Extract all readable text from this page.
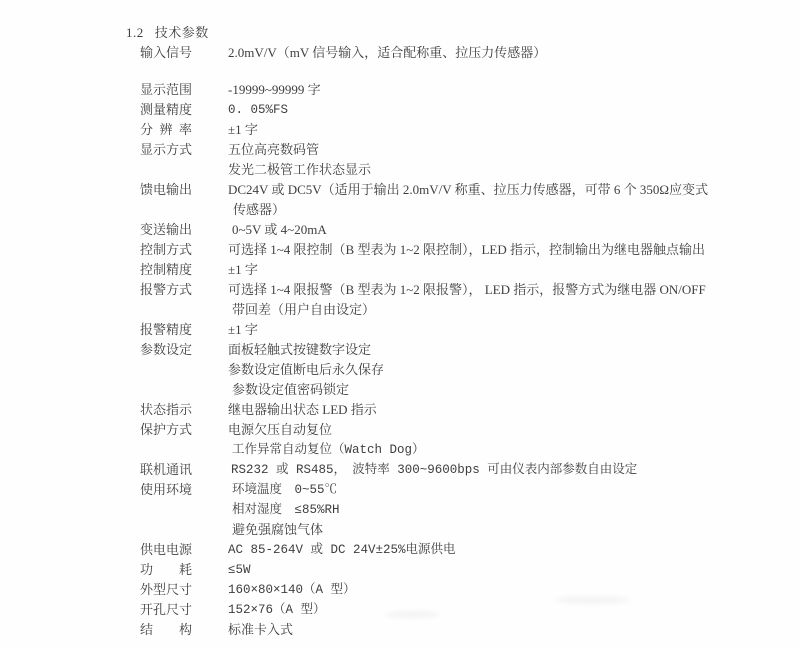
1.2 技术参数
输入信号	2.0mV/V（mV 信号输入，适合配称重、拉压力传感器）
显示范围	-19999~99999 字
测量精度	0. 05%FS
分辨率	±1 字
显示方式	五位高亮数码管
发光二极管工作状态显示
馈电输出	DC24V 或 DC5V（适用于输出 2.0mV/V 称重、拉压力传感器，可带 6 个 350Ω应变式
传感器）
变送输出	0~5V 或 4~20mA
控制方式	可选择 1~4 限控制（B 型表为 1~2 限控制），LED 指示，控制输出为继电器触点输出
控制精度	±1 字
报警方式	可选择 1~4 限报警（B 型表为 1~2 限报警）， LED 指示，报警方式为继电器 ON/OFF
带回差（用户自由设定）
报警精度	±1 字
参数设定	面板轻触式按键数字设定
参数设定值断电后永久保存
参数设定值密码锁定
状态指示	继电器输出状态 LED 指示
保护方式	电源欠压自动复位
工作异常自动复位（Watch Dog）
联机通讯	RS232 或 RS485，　波特率 300~9600bps 可由仪表内部参数自由设定
使用环境	环境温度　0~55℃
相对湿度　≤85%RH
避免强腐蚀气体
供电电源	AC 85-264V 或 DC 24V±25%电源供电
功耗	≤5W
外型尺寸	160×80×140（A 型）
开孔尺寸	152×76（A 型）
结构	标准卡入式
